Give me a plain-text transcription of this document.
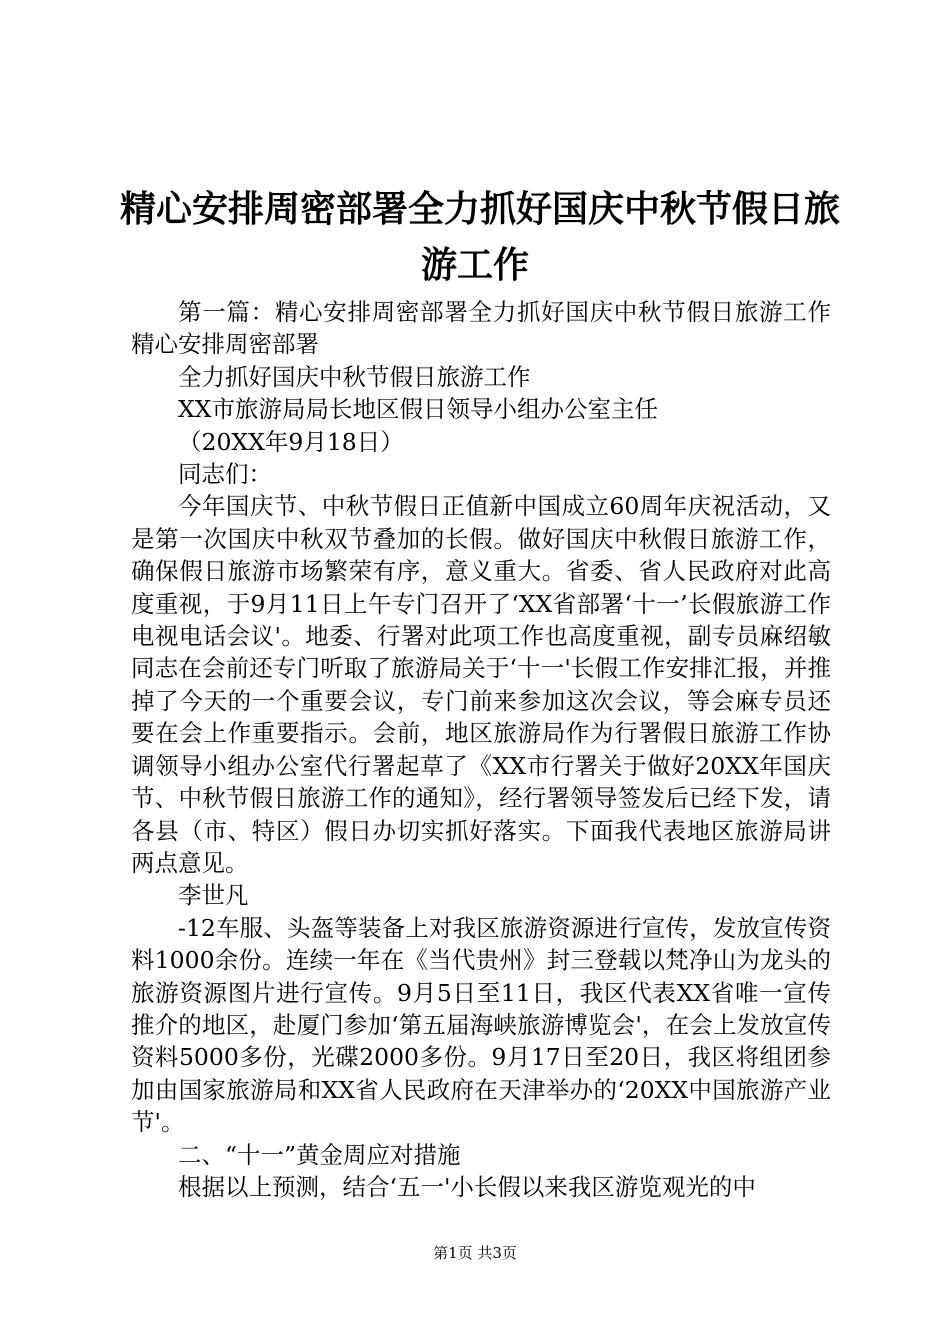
精心安排周密部署全力抓好国庆中秋节假日旅
游工作

第一篇：精心安排周密部署全力抓好国庆中秋节假日旅游工作精心安排周密部署

全力抓好国庆中秋节假日旅游工作

XX市旅游局局长地区假日领导小组办公室主任

（20XX年9月18日）

同志们：

今年国庆节、中秋节假日正值新中国成立60周年庆祝活动，又是第一次国庆中秋双节叠加的长假。做好国庆中秋假日旅游工作，确保假日旅游市场繁荣有序，意义重大。省委、省人民政府对此高度重视，于9月11日上午专门召开了‘XX省部署‘十一’长假旅游工作电视电话会议'。地委、行署对此项工作也高度重视，副专员麻绍敏同志在会前还专门听取了旅游局关于‘十一'长假工作安排汇报，并推掉了今天的一个重要会议，专门前来参加这次会议，等会麻专员还要在会上作重要指示。会前，地区旅游局作为行署假日旅游工作协调领导小组办公室代行署起草了《XX市行署关于做好20XX年国庆节、中秋节假日旅游工作的通知》，经行署领导签发后已经下发，请各县（市、特区）假日办切实抓好落实。下面我代表地区旅游局讲两点意见。

李世凡

-12车服、头盔等装备上对我区旅游资源进行宣传，发放宣传资料1000余份。连续一年在《当代贵州》封三登载以梵净山为龙头的旅游资源图片进行宣传。9月5日至11日，我区代表XX省唯一宣传推介的地区，赴厦门参加‘第五届海峡旅游博览会'，在会上发放宣传资料5000多份，光碟2000多份。9月17日至20日，我区将组团参加由国家旅游局和XX省人民政府在天津举办的‘20XX中国旅游产业节'。

二、“十一”黄金周应对措施

根据以上预测，结合‘五一'小长假以来我区游览观光的中

第1页 共3页
